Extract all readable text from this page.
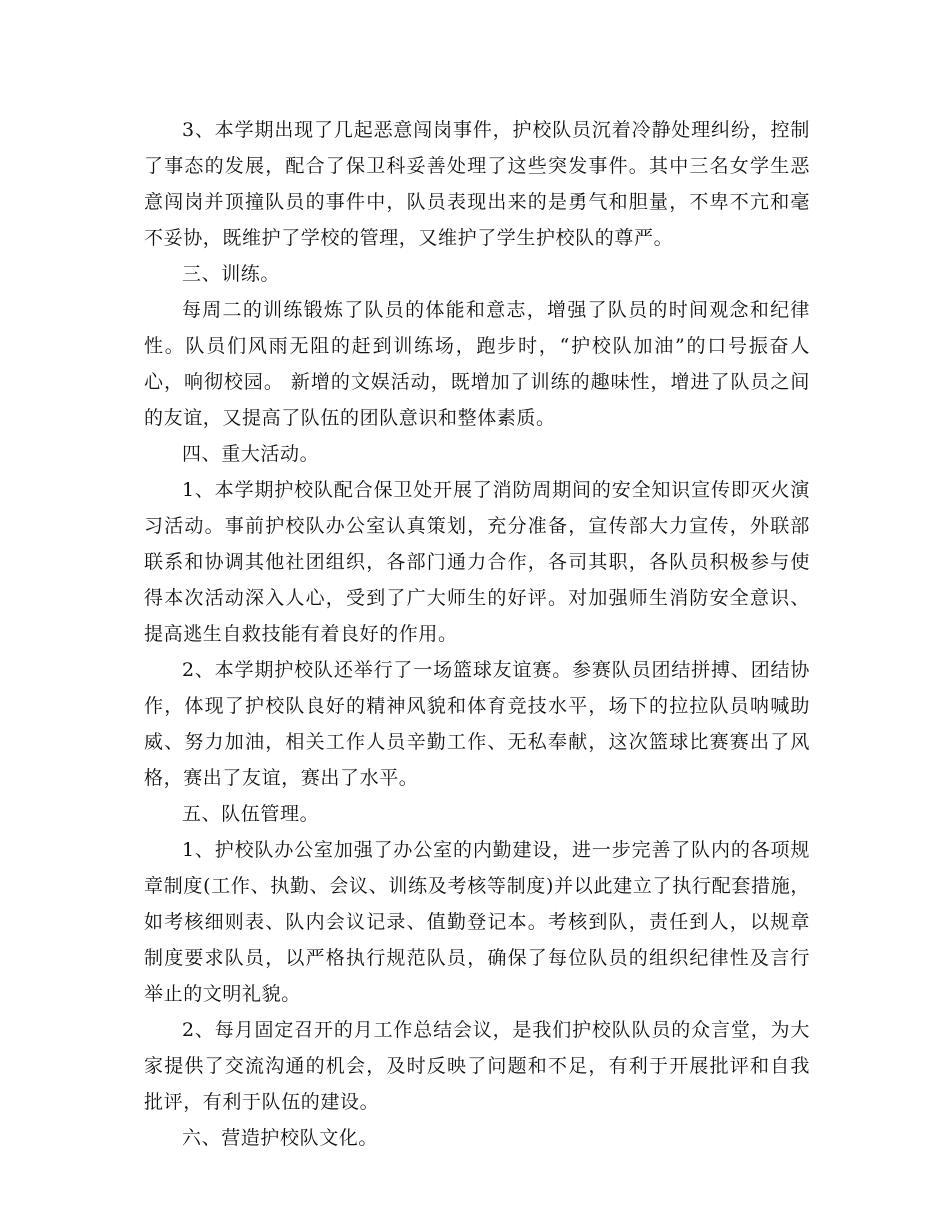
3、本学期出现了几起恶意闯岗事件，护校队员沉着冷静处理纠纷，控制了事态的发展，配合了保卫科妥善处理了这些突发事件。其中三名女学生恶意闯岗并顶撞队员的事件中，队员表现出来的是勇气和胆量，不卑不亢和毫不妥协，既维护了学校的管理，又维护了学生护校队的尊严。

三、训练。

每周二的训练锻炼了队员的体能和意志，增强了队员的时间观念和纪律性。队员们风雨无阻的赶到训练场，跑步时，“护校队加油”的口号振奋人心，响彻校园。 新增的文娱活动，既增加了训练的趣味性，增进了队员之间的友谊，又提高了队伍的团队意识和整体素质。

四、重大活动。

1、本学期护校队配合保卫处开展了消防周期间的安全知识宣传即灭火演习活动。事前护校队办公室认真策划，充分准备，宣传部大力宣传，外联部联系和协调其他社团组织，各部门通力合作，各司其职，各队员积极参与使得本次活动深入人心，受到了广大师生的好评。对加强师生消防安全意识、提高逃生自救技能有着良好的作用。

2、本学期护校队还举行了一场篮球友谊赛。参赛队员团结拼搏、团结协作，体现了护校队良好的精神风貌和体育竞技水平，场下的拉拉队员呐喊助威、努力加油，相关工作人员辛勤工作、无私奉献，这次篮球比赛赛出了风格，赛出了友谊，赛出了水平。

五、队伍管理。

1、护校队办公室加强了办公室的内勤建设，进一步完善了队内的各项规章制度(工作、执勤、会议、训练及考核等制度)并以此建立了执行配套措施，如考核细则表、队内会议记录、值勤登记本。考核到队，责任到人，以规章制度要求队员，以严格执行规范队员，确保了每位队员的组织纪律性及言行举止的文明礼貌。

2、每月固定召开的月工作总结会议，是我们护校队队员的众言堂，为大家提供了交流沟通的机会，及时反映了问题和不足，有利于开展批评和自我批评，有利于队伍的建设。

六、营造护校队文化。
